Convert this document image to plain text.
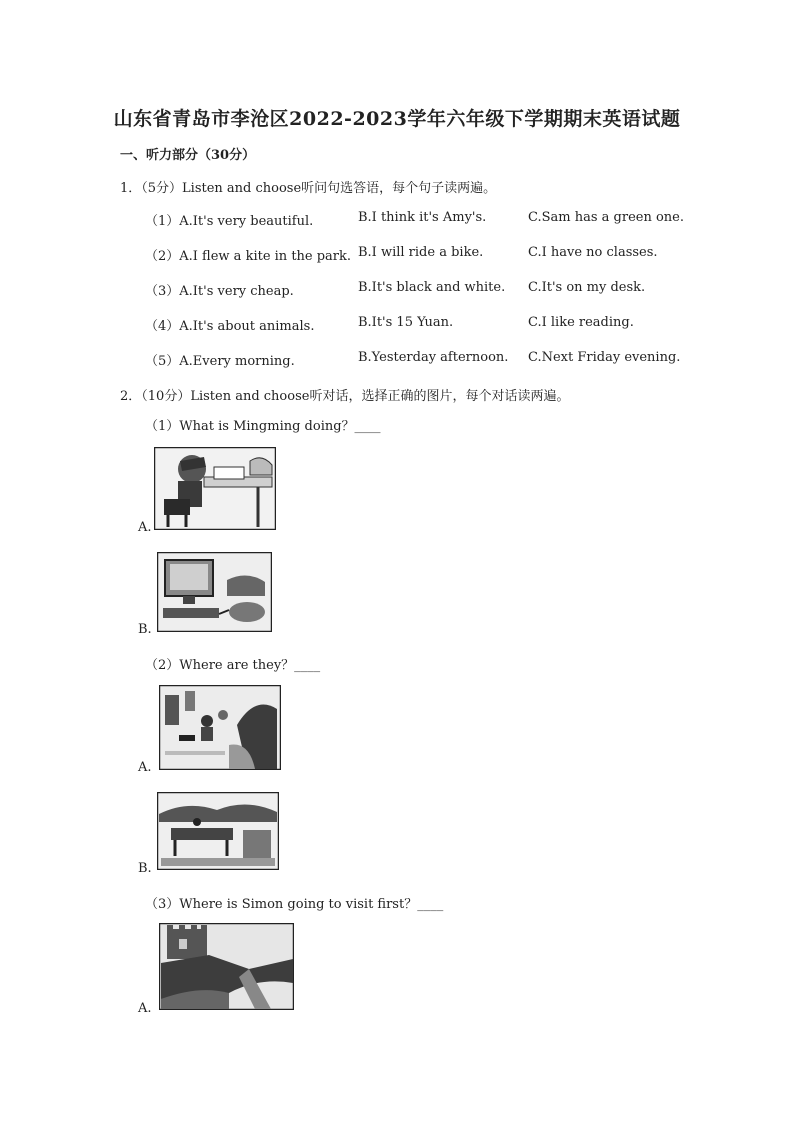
山东省青岛市李沧区2022-2023学年六年级下学期期末英语试题
一、听力部分（30分）
1．（5分）Listen and choose听问句选答语，每个句子读两遍。
（1）A.It's very beautiful.	B.I think it's Amy's.	C.Sam has a green one.
（2）A.I flew a kite in the park. B.I will ride a bike.	C.I have no classes.
（3）A.It's very cheap.	B.It's black and white. C.It's on my desk.
（4）A.It's about animals.	B.It's 15 Yuan.	C.I like reading.
（5）A.Every morning.	B.Yesterday afternoon. C.Next Friday evening.
2．（10分）Listen and choose听对话，选择正确的图片，每个对话读两遍。
（1）What is Mingming doing？____
A.
B.
（2）Where are they？____
A.
B.
（3）Where is Simon going to visit first？____
A.
